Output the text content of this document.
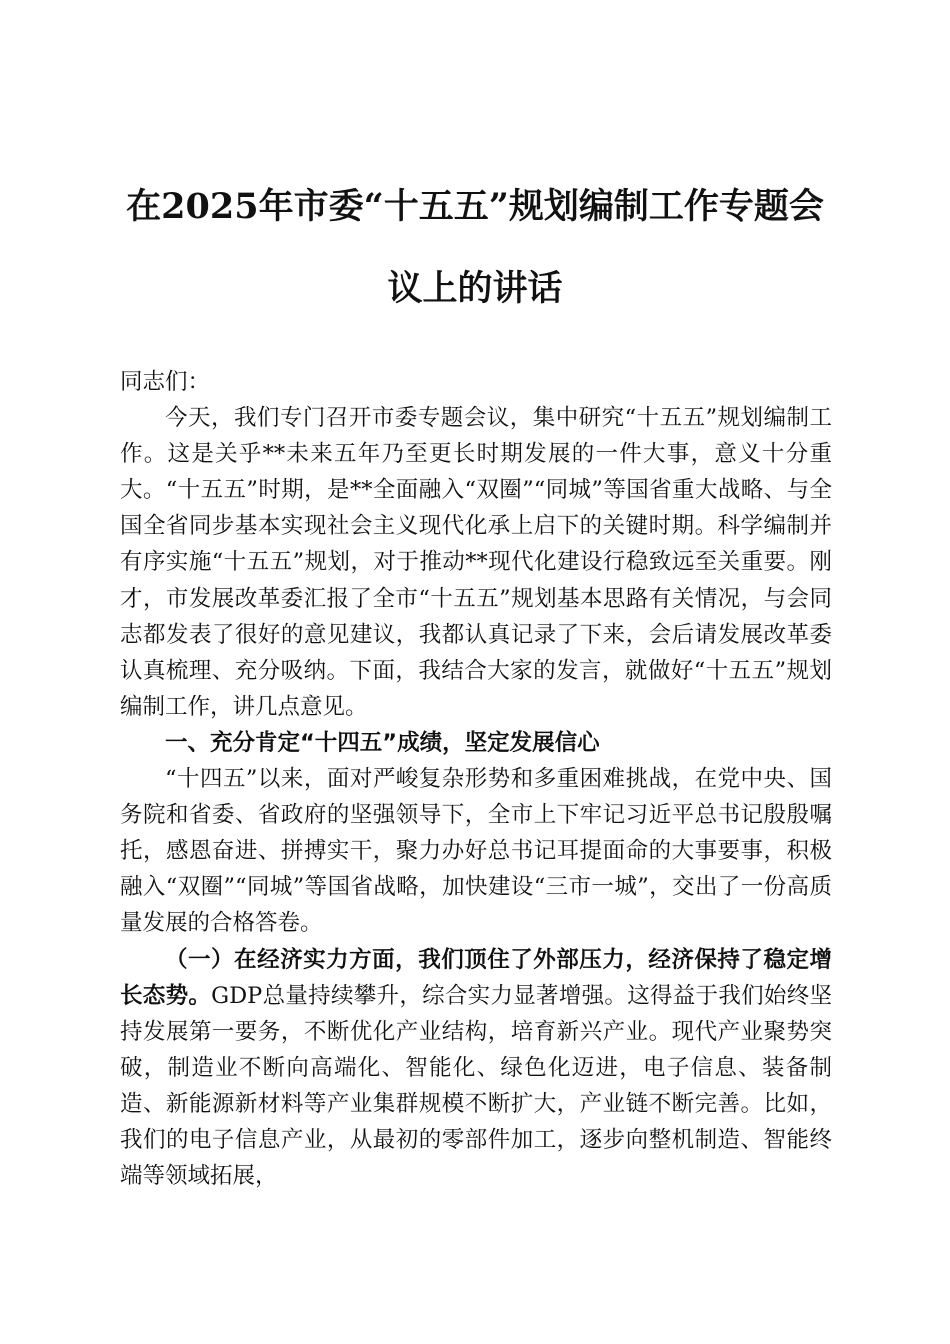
在2025年市委“十五五”规划编制工作专题会议上的讲话

同志们：

今天，我们专门召开市委专题会议，集中研究“十五五”规划编制工作。这是关乎**未来五年乃至更长时期发展的一件大事，意义十分重大。“十五五”时期，是**全面融入“双圈”“同城”等国省重大战略、与全国全省同步基本实现社会主义现代化承上启下的关键时期。科学编制并有序实施“十五五”规划，对于推动**现代化建设行稳致远至关重要。刚才，市发展改革委汇报了全市“十五五”规划基本思路有关情况，与会同志都发表了很好的意见建议，我都认真记录了下来，会后请发展改革委认真梳理、充分吸纳。下面，我结合大家的发言，就做好“十五五”规划编制工作，讲几点意见。

一、充分肯定“十四五”成绩，坚定发展信心

“十四五”以来，面对严峻复杂形势和多重困难挑战，在党中央、国务院和省委、省政府的坚强领导下，全市上下牢记习近平总书记殷殷嘱托，感恩奋进、拼搏实干，聚力办好总书记耳提面命的大事要事，积极融入“双圈”“同城”等国省战略，加快建设“三市一城”，交出了一份高质量发展的合格答卷。

（一）在经济实力方面，我们顶住了外部压力，经济保持了稳定增长态势。GDP总量持续攀升，综合实力显著增强。这得益于我们始终坚持发展第一要务，不断优化产业结构，培育新兴产业。现代产业聚势突破，制造业不断向高端化、智能化、绿色化迈进，电子信息、装备制造、新能源新材料等产业集群规模不断扩大，产业链不断完善。比如，我们的电子信息产业，从最初的零部件加工，逐步向整机制造、智能终端等领域拓展，
